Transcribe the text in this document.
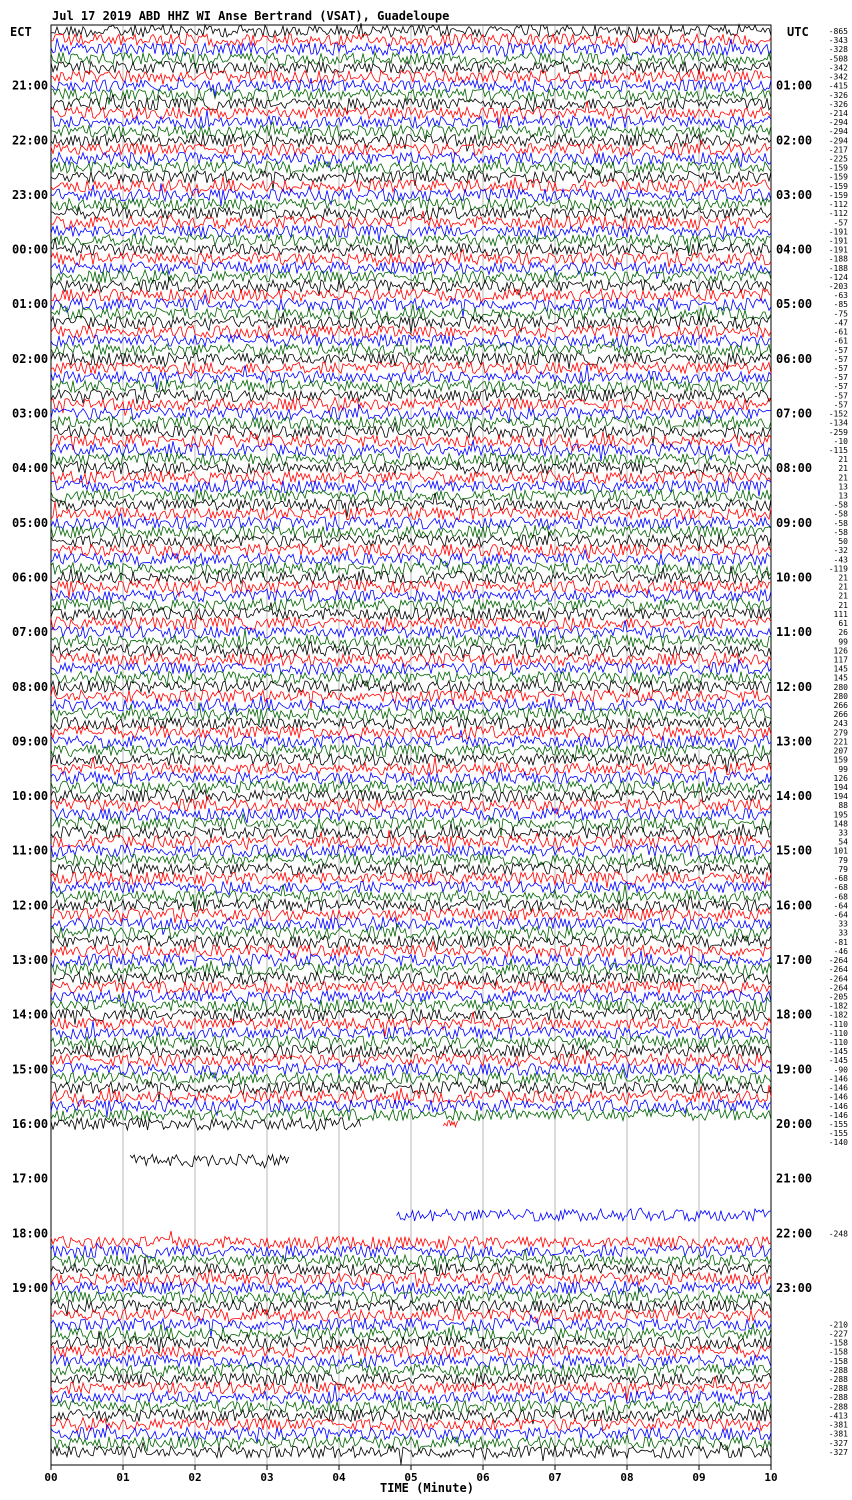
Jul 17 2019 ABD HHZ WI Anse Bertrand (VSAT), Guadeloupe
ECT	UTC
TIME (Minute)
00	01	02	03	04	05	06	07	08	09	10
-865
-343
-328
-508
-342
-342
-415
-326
-326
-214
-294
-294
-294
-217
-225
-159
-159
-159
-159
-112
-112
-57
-191
-191
-191
-188
-188
-124
-203
-63
-85
-75
-47
-61
-61
-57
-57
-57
-57
-57
-57
-57
-152
-134
-259
-10
-115
21
21
21
13
13
-58
-58
-58
-58
50
-32
-43
-119
21
21
21
21
111
61
26
99
126
117
145
145
280
280
266
266
243
279
221
207
159
99
126
194
194
88
195
148
33
54
101
79
79
-68
-68
-68
-64
-64
33
33
-81
-46
-264
-264
-264
-264
-205
-182
-182
-110
-110
-110
-145
-145
-90
-146
-146
-146
-146
-146
-155
-155
-140
-248
-210
-227
-158
-158
-158
-288
-288
-288
-288
-288
-413
-381
-381
-327
-327
21:00
22:00
23:00
00:00
01:00
02:00
03:00
04:00
05:00
06:00
07:00
08:00
09:00
10:00
11:00
12:00
13:00
14:00
15:00
16:00
17:00
18:00
19:00
01:00
02:00
03:00
04:00
05:00
06:00
07:00
08:00
09:00
10:00
11:00
12:00
13:00
14:00
15:00
16:00
17:00
18:00
19:00
20:00
21:00
22:00
23:00
